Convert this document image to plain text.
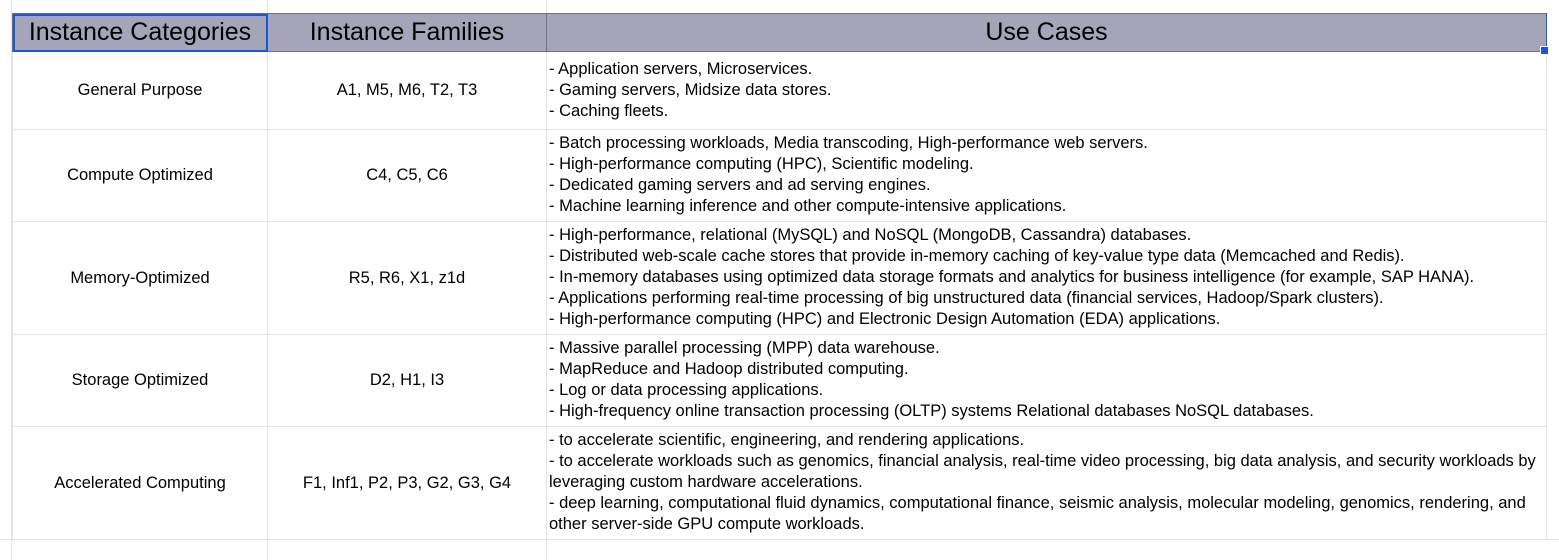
Instance Categories	Instance Families	Use Cases
General Purpose	A1, M5, M6, T2, T3	- Application servers, Microservices.
- Gaming servers, Midsize data stores.
- Caching fleets.

Compute Optimized	C4, C5, C6	- Batch processing workloads, Media transcoding, High-performance web servers.
- High-performance computing (HPC), Scientific modeling.
- Dedicated gaming servers and ad serving engines.
- Machine learning inference and other compute-intensive applications.

Memory-Optimized	R5, R6, X1, z1d	- High-performance, relational (MySQL) and NoSQL (MongoDB, Cassandra) databases.
- Distributed web-scale cache stores that provide in-memory caching of key-value type data (Memcached and Redis).
- In-memory databases using optimized data storage formats and analytics for business intelligence (for example, SAP HANA).
- Applications performing real-time processing of big unstructured data (financial services, Hadoop/Spark clusters).
- High-performance computing (HPC) and Electronic Design Automation (EDA) applications.

Storage Optimized	D2, H1, I3	- Massive parallel processing (MPP) data warehouse.
- MapReduce and Hadoop distributed computing.
- Log or data processing applications.
- High-frequency online transaction processing (OLTP) systems Relational databases NoSQL databases.

Accelerated Computing	F1, Inf1, P2, P3, G2, G3, G4	- to accelerate scientific, engineering, and rendering applications.
- to accelerate workloads such as genomics, financial analysis, real-time video processing, big data analysis, and security workloads by leveraging custom hardware accelerations.
- deep learning, computational fluid dynamics, computational finance, seismic analysis, molecular modeling, genomics, rendering, and other server-side GPU compute workloads.
